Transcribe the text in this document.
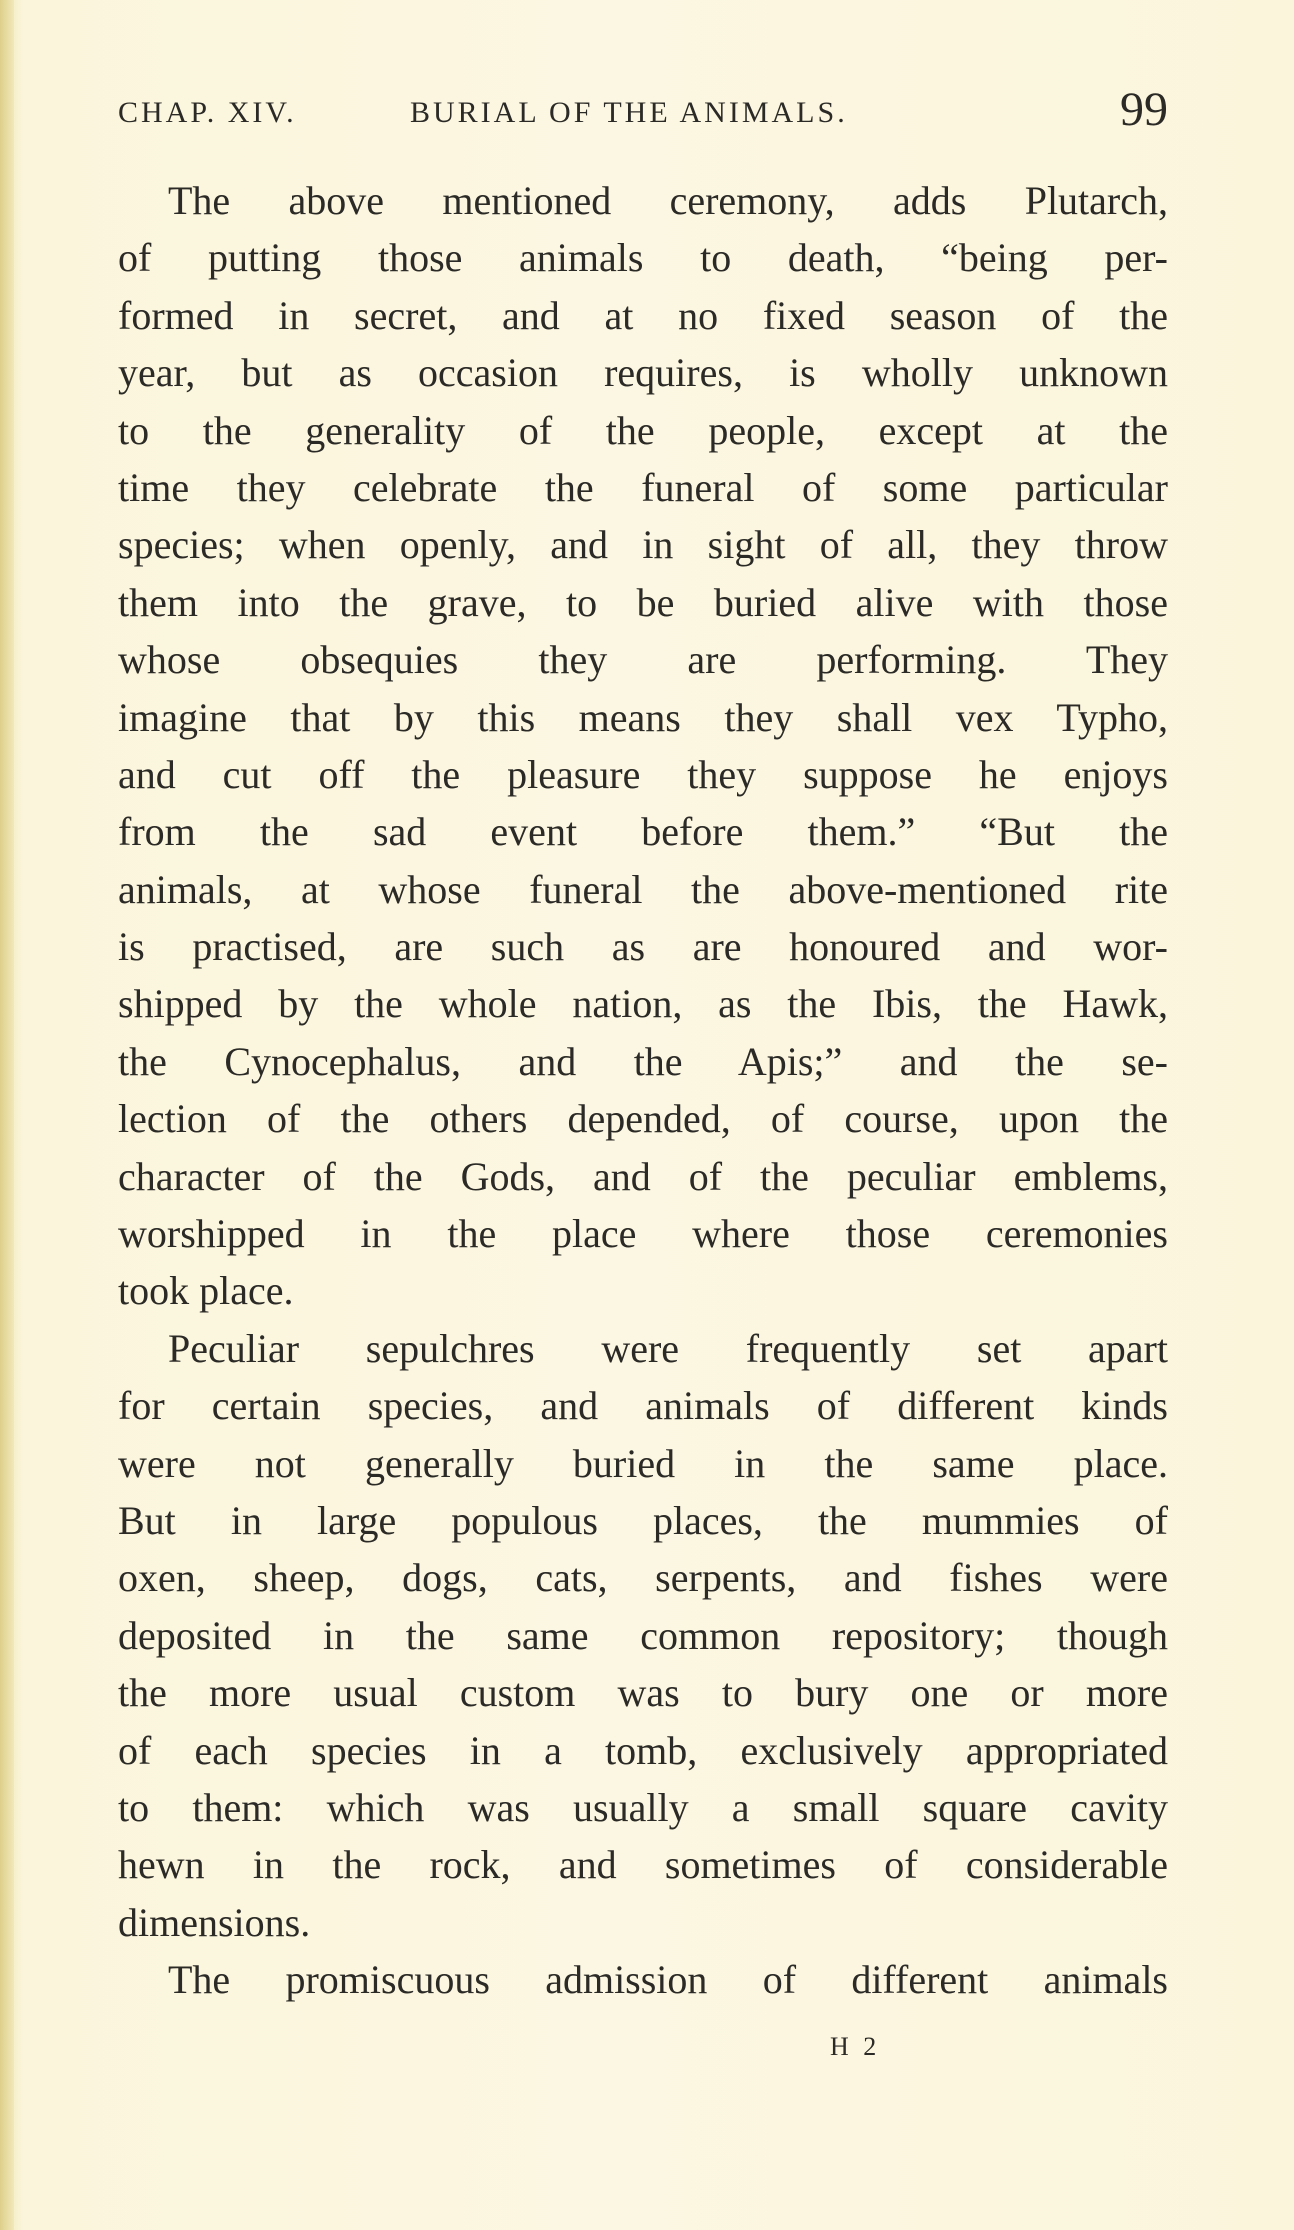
CHAP. XIV.	BURIAL OF THE ANIMALS.	99
The above mentioned ceremony, adds Plutarch,
of putting those animals to death, “being per-
formed in secret, and at no fixed season of the
year, but as occasion requires, is wholly unknown
to the generality of the people, except at the
time they celebrate the funeral of some particular
species; when openly, and in sight of all, they throw
them into the grave, to be buried alive with those
whose obsequies they are performing. They
imagine that by this means they shall vex Typho,
and cut off the pleasure they suppose he enjoys
from the sad event before them.” “But the
animals, at whose funeral the above-mentioned rite
is practised, are such as are honoured and wor-
shipped by the whole nation, as the Ibis, the Hawk,
the Cynocephalus, and the Apis;” and the se-
lection of the others depended, of course, upon the
character of the Gods, and of the peculiar emblems,
worshipped in the place where those ceremonies
took place.
Peculiar sepulchres were frequently set apart
for certain species, and animals of different kinds
were not generally buried in the same place.
But in large populous places, the mummies of
oxen, sheep, dogs, cats, serpents, and fishes were
deposited in the same common repository; though
the more usual custom was to bury one or more
of each species in a tomb, exclusively appropriated
to them: which was usually a small square cavity
hewn in the rock, and sometimes of considerable
dimensions.
The promiscuous admission of different animals
H 2
